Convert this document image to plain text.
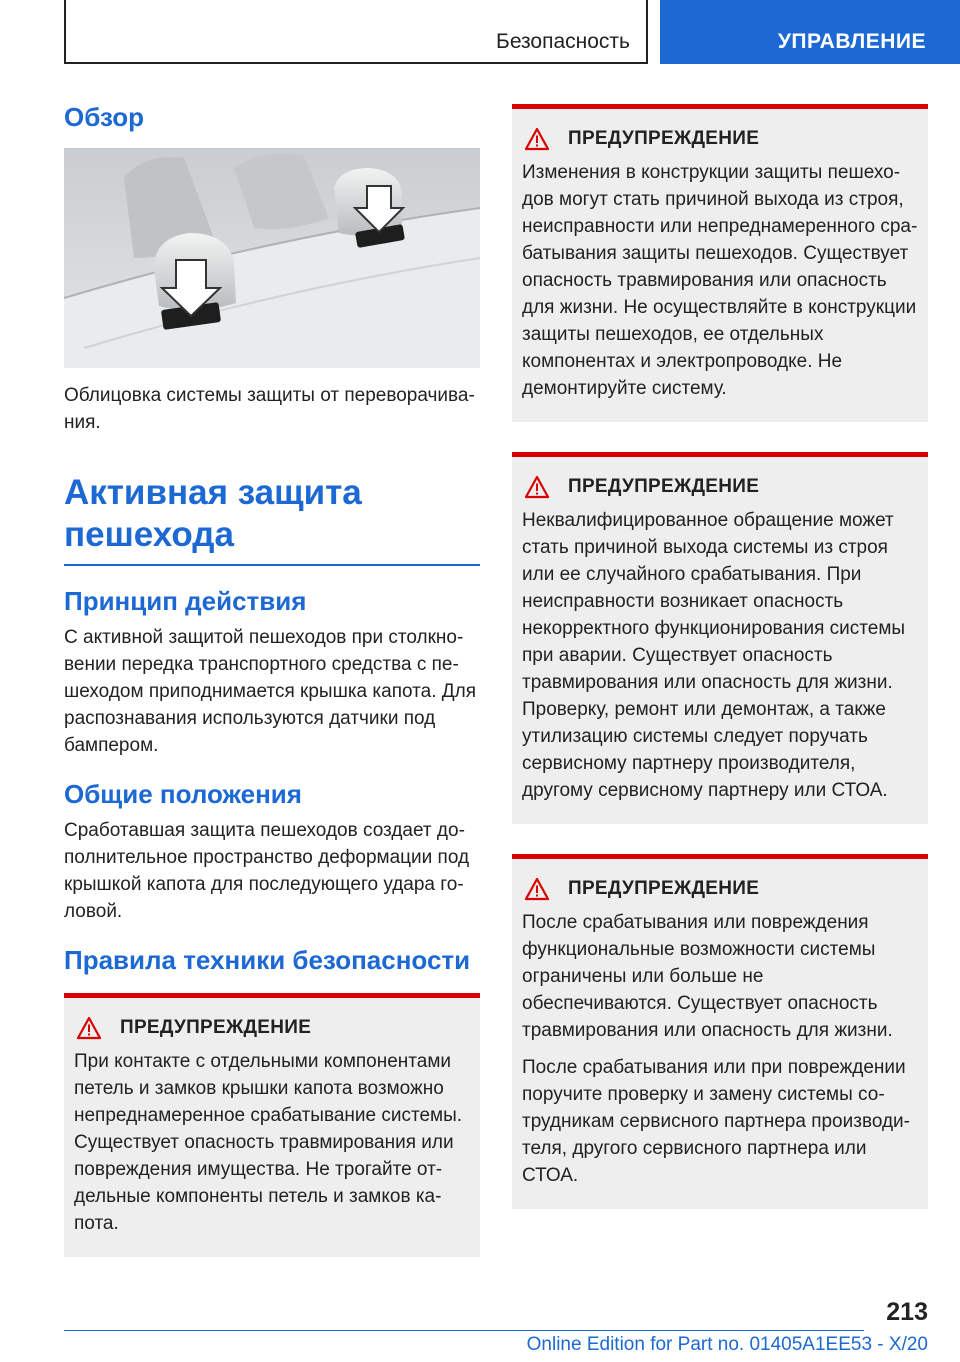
Безопасность	УПРАВЛЕНИЕ
Обзор

Облицовка системы защиты от переворачивания.

Активная защита пешехода
Принцип действия

С активной защитой пешеходов при столкновении передка транспортного средства с пешеходом приподнимается крышка капота. Для распознавания используются датчики под бампером.

Общие положения

Сработавшая защита пешеходов создает дополнительное пространство деформации под крышкой капота для последующего удара головой.

Правила техники безопасности
ПРЕДУПРЕЖДЕНИЕ

При контакте с отдельными компонентами петель и замков крышки капота возможно непреднамеренное срабатывание системы. Существует опасность травмирования или повреждения имущества. Не трогайте отдельные компоненты петель и замков капота.

ПРЕДУПРЕЖДЕНИЕ

Изменения в конструкции защиты пешеходов могут стать причиной выхода из строя, неисправности или непреднамеренного срабатывания защиты пешеходов. Существует опасность травмирования или опасность для жизни. Не осуществляйте в конструкции защиты пешеходов, ее отдельных компонентах и электропроводке. Не демонтируйте систему.

ПРЕДУПРЕЖДЕНИЕ

Неквалифицированное обращение может стать причиной выхода системы из строя или ее случайного срабатывания. При неисправности возникает опасность некорректного функционирования системы при аварии. Существует опасность травмирования или опасность для жизни. Проверку, ремонт или демонтаж, а также утилизацию системы следует поручать сервисному партнеру производителя, другому сервисному партнеру или СТОА.

ПРЕДУПРЕЖДЕНИЕ

После срабатывания или повреждения функциональные возможности системы ограничены или больше не обеспечиваются. Существует опасность травмирования или опасность для жизни.

После срабатывания или при повреждении поручите проверку и замену системы сотрудникам сервисного партнера производителя, другого сервисного партнера или СТОА.

213
Online Edition for Part no. 01405A1EE53 - X/20
